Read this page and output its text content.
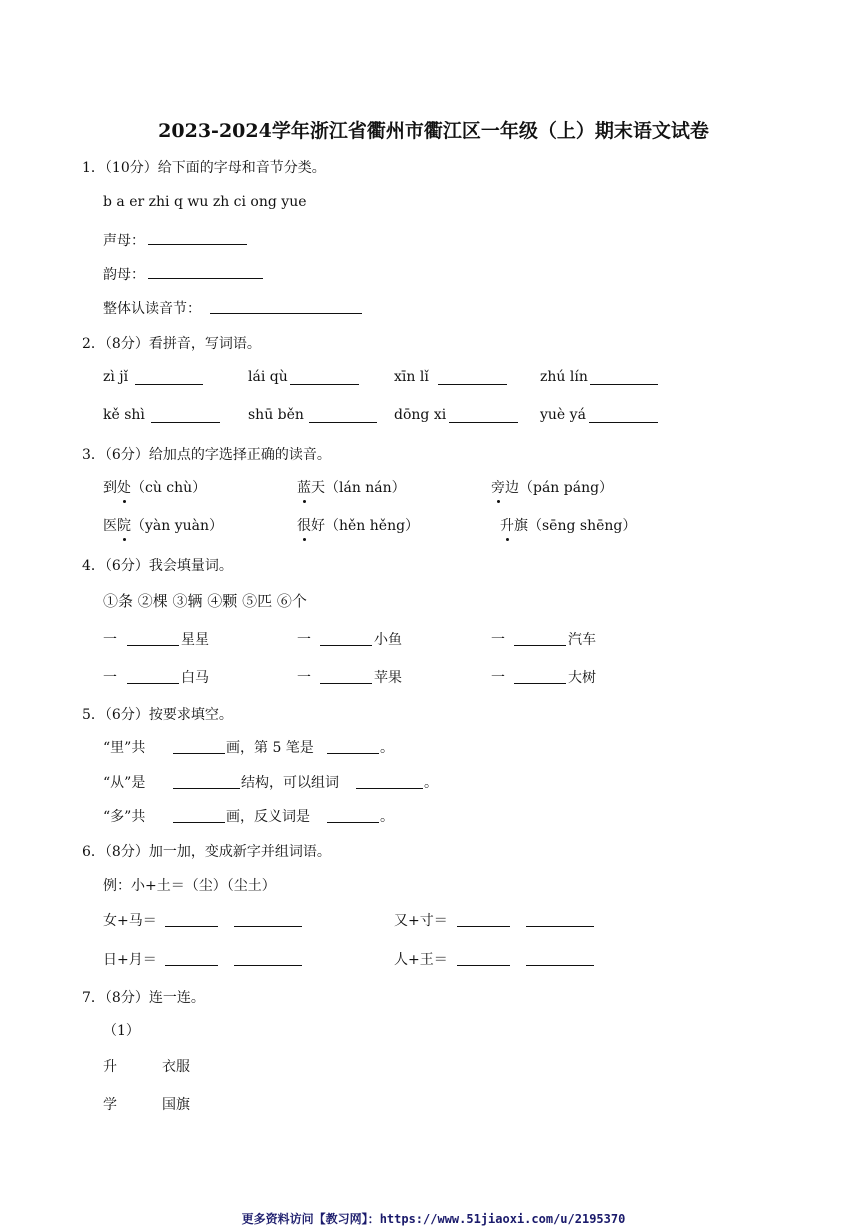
2023-2024学年浙江省衢州市衢江区一年级（上）期末语文试卷
1．（10分）给下面的字母和音节分类。
b a er zhi q wu zh ci ong yue
声母：
韵母：
整体认读音节：
2．（8分）看拼音，写词语。
zì jǐ	lái qù	xīn lǐ	zhú lín
kě shì	shū běn	dōng xi	yuè yá
3．（6分）给加点的字选择正确的读音。
到处（cù chù）	蓝天（lán nán）	旁边（pán páng）
医院（yàn yuàn）	很好（hěn hěng）	升旗（sēng shēng）
4．（6分）我会填量词。
①条 ②棵 ③辆 ④颗 ⑤匹 ⑥个
一	星星	一	小鱼	一	汽车
一	白马	一	苹果	一	大树
5．（6分）按要求填空。
“里”共	画，第 5 笔是	。
“从”是	结构，可以组词	。
“多”共	画，反义词是	。
6．（8分）加一加，变成新字并组词语。
例：小+土＝（尘）（尘土）
女+马＝	又+寸＝
日+月＝	人+王＝
7．（8分）连一连。
（1）
升	衣服
学	国旗
更多资料访问【教习网】：https://www.51jiaoxi.com/u/2195370
